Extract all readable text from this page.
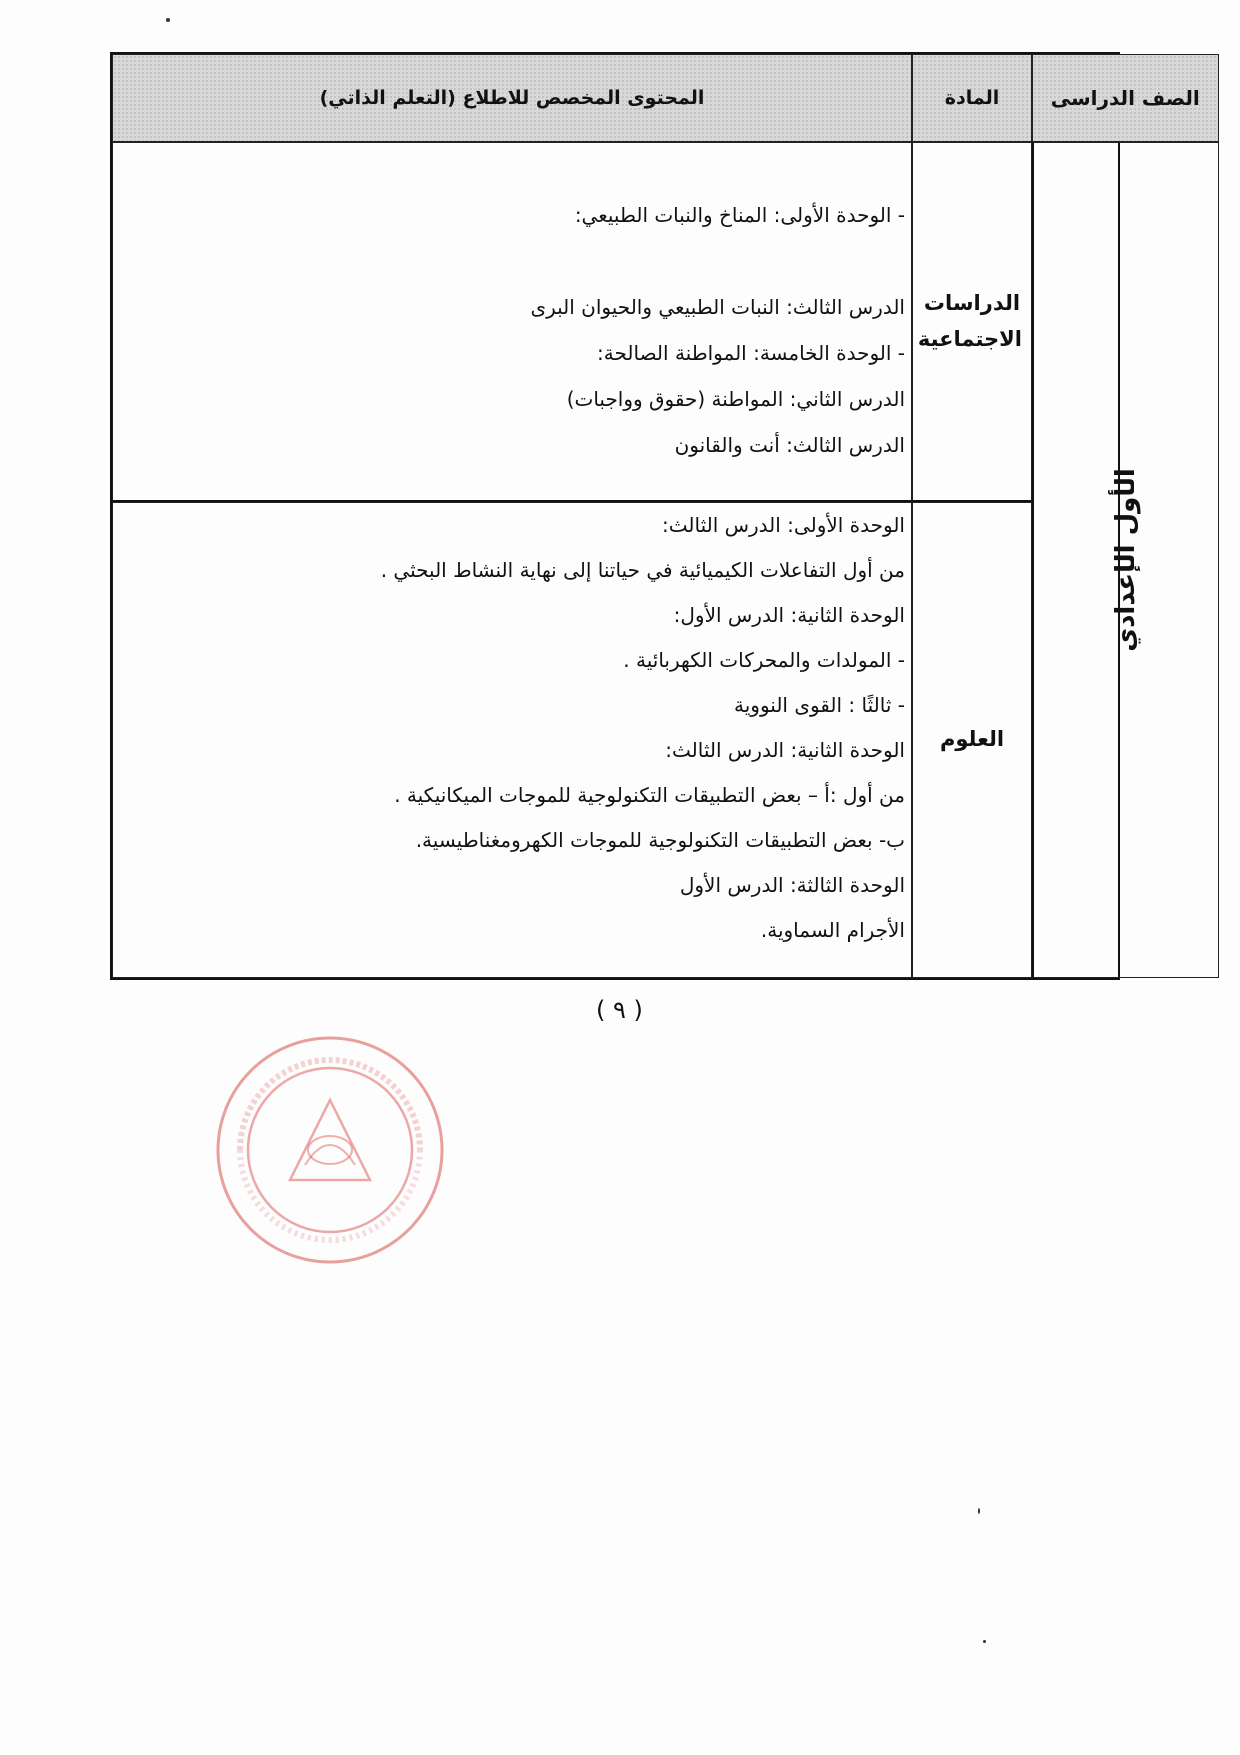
المحتوى المخصص للاطلاع (التعلم الذاتي)	المادة	الصف الدراسى
- الوحدة الأولى: المناخ والنبات الطبيعي:
الدرس الثالث: النبات الطبيعي والحيوان البرى
- الوحدة الخامسة: المواطنة الصالحة:
الدرس الثاني: المواطنة (حقوق وواجبات)
الدرس الثالث: أنت والقانون
الوحدة الأولى: الدرس الثالث:
من أول التفاعلات الكيميائية في حياتنا إلى نهاية النشاط البحثي .
الوحدة الثانية: الدرس الأول:
- المولدات والمحركات الكهربائية .
- ثالثًا : القوى النووية
الوحدة الثانية: الدرس الثالث:
من أول :أ – بعض التطبيقات التكنولوجية للموجات الميكانيكية .
ب- بعض التطبيقات التكنولوجية للموجات الكهرومغناطيسية.
الوحدة الثالثة: الدرس الأول
الأجرام السماوية.
الدراسات الاجتماعية
العلوم
الأول الإعدادي
( ٩ )
